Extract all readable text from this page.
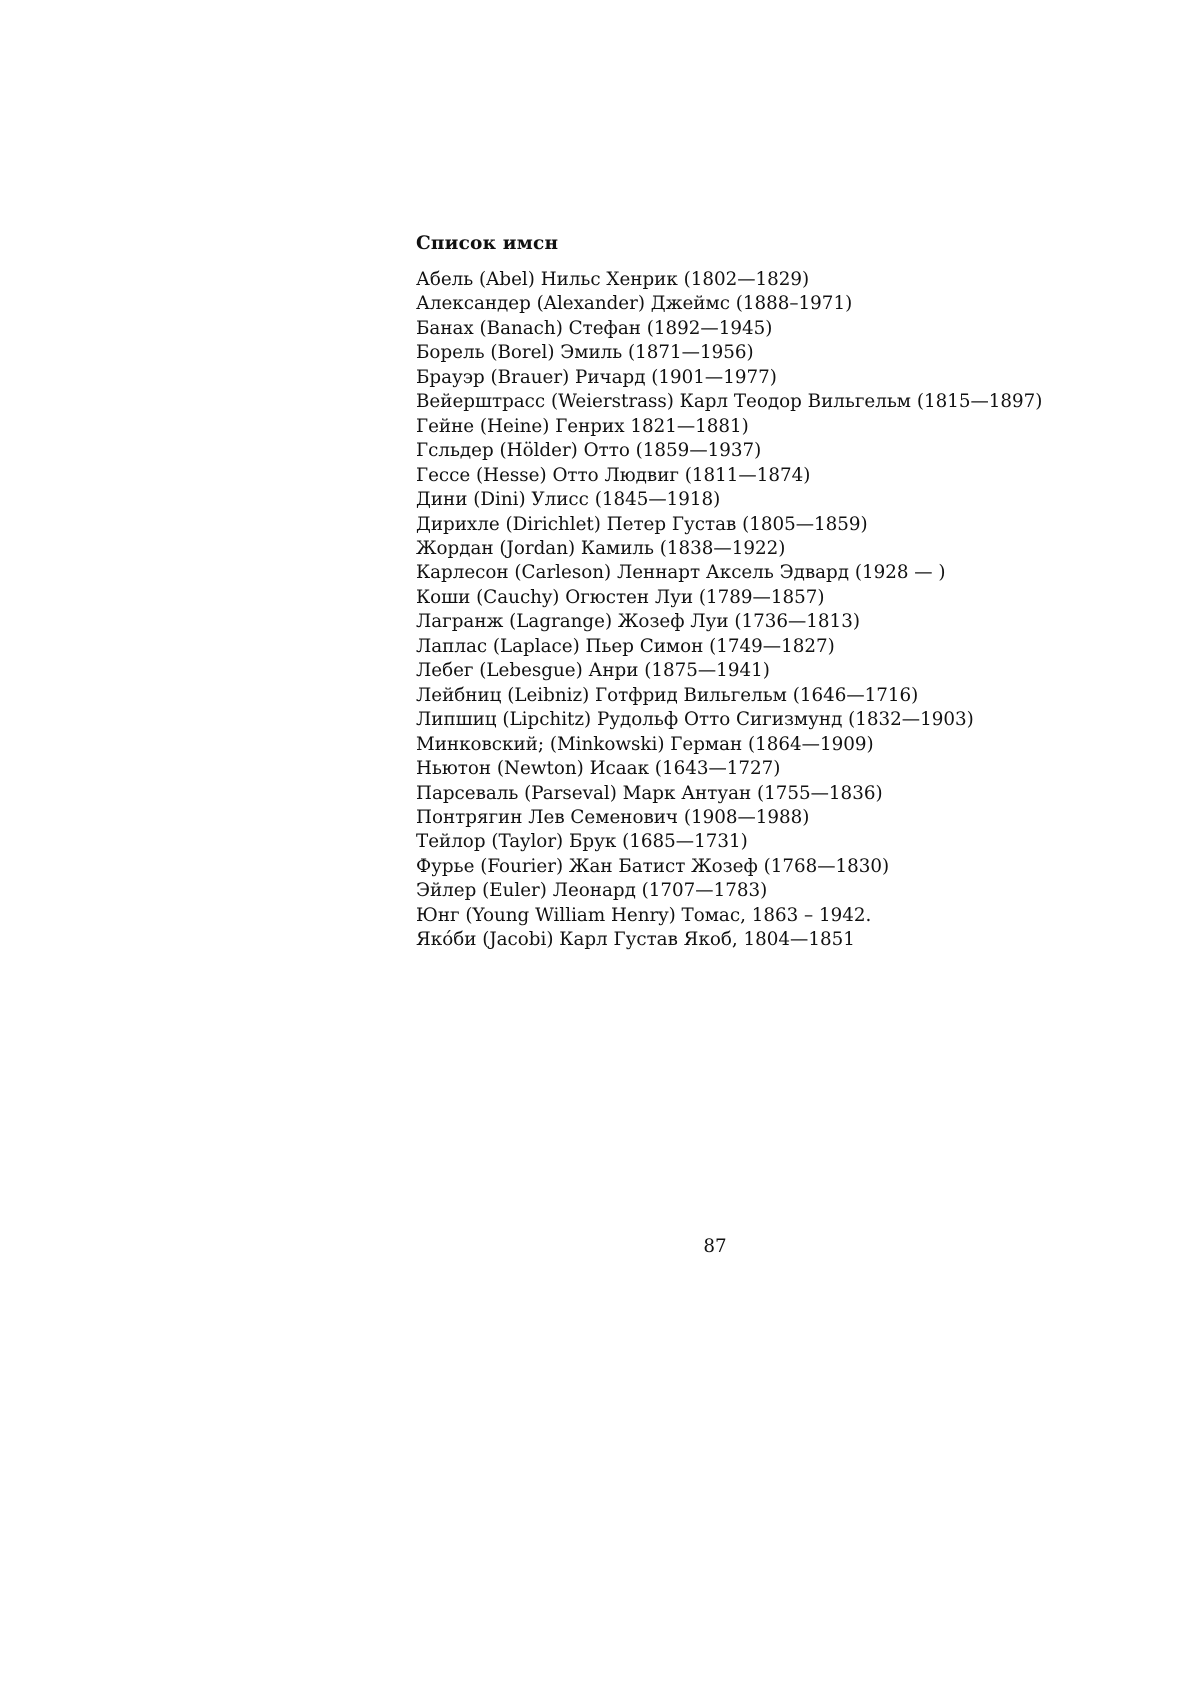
Список имсн
Абель (Abel) Нильс Хенрик (1802—1829)
Александер (Alexander) Джеймс (1888–1971)
Банах (Banach) Стефан (1892—1945)
Борель (Borel) Эмиль (1871—1956)
Брауэр (Brauer) Ричард (1901—1977)
Вейерштрасс (Weierstrass) Карл Теодор Вильгельм (1815—1897)
Гейне (Heine) Генрих 1821—1881)
Гсльдер (Hölder) Отто (1859—1937)
Гессе (Hesse) Отто Людвиг (1811—1874)
Дини (Dini) Улисс (1845—1918)
Дирихле (Dirichlet) Петер Густав (1805—1859)
Жордан (Jordan) Камиль (1838—1922)
Карлесон (Carleson) Леннарт Аксель Эдвард (1928 — )
Коши (Cauchy) Огюстен Луи (1789—1857)
Лагранж (Lagrange) Жозеф Луи (1736—1813)
Лаплас (Laplace) Пьер Симон (1749—1827)
Лебег (Lebesgue) Анри (1875—1941)
Лейбниц (Leibniz) Готфрид Вильгельм (1646—1716)
Липшиц (Lipchitz) Рудольф Отто Сигизмунд (1832—1903)
Минковский; (Minkowski) Герман (1864—1909)
Ньютон (Newton) Исаак (1643—1727)
Парсеваль (Parseval) Марк Антуан (1755—1836)
Понтрягин Лев Семенович (1908—1988)
Тейлор (Taylor) Брук (1685—1731)
Фурье (Fourier) Жан Батист Жозеф (1768—1830)
Эйлер (Euler) Леонард (1707—1783)
Юнг (Young William Henry) Томас, 1863 – 1942.
Якóби (Jacobi) Карл Густав Якоб, 1804—1851
87
